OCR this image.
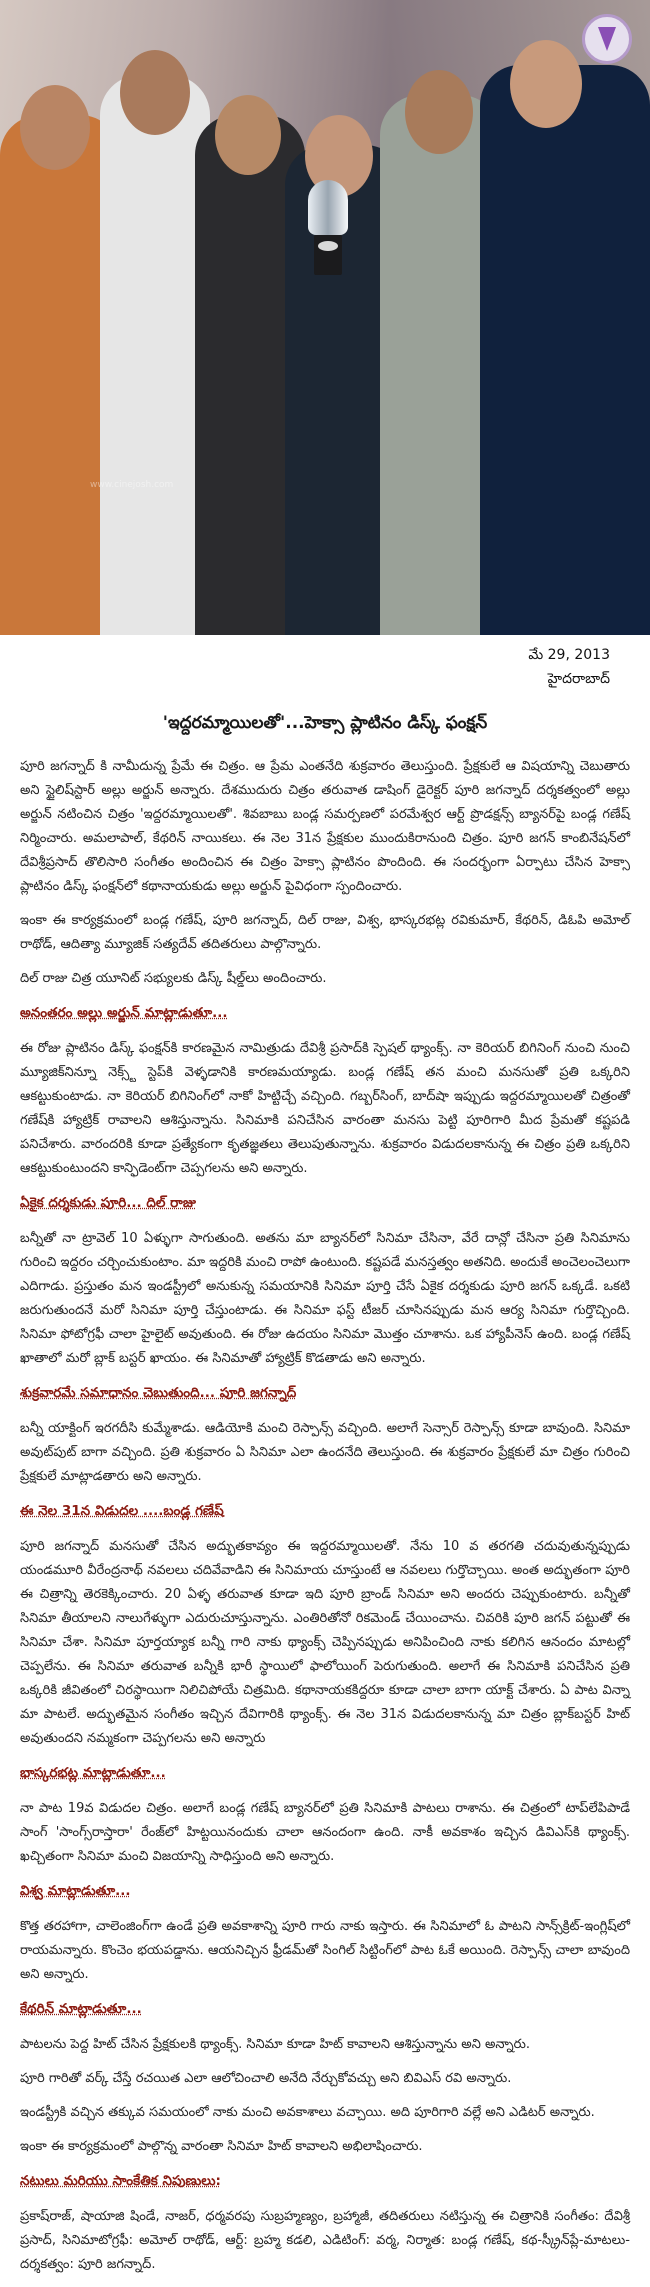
www.cinejosh.com
మే 29, 2013
హైదరాబాద్
'ఇద్దరమ్మాయిలతో'...హెక్సా ప్లాటినం డిస్క్ ఫంక్షన్
పూరి జగన్నాద్ కి నామీదున్న ప్రేమే ఈ చిత్రం. ఆ ప్రేమ ఎంతనేది శుక్రవారం తెలుస్తుంది. ప్రేక్షకులే ఆ విషయాన్ని చెబుతారు అని స్టైలిష్‌స్టార్ అల్లు అర్జున్ అన్నారు. దేశముదురు చిత్రం తరువాత డాషింగ్ డైరెక్టర్ పూరి జగన్నాద్ దర్శకత్వంలో అల్లు అర్జున్ నటించిన చిత్రం 'ఇద్దరమ్మాయిలతో'. శివబాబు బండ్ల సమర్పణలో పరమేశ్వర ఆర్ట్ ప్రొడక్షన్స్ బ్యానర్‌పై బండ్ల గణేష్ నిర్మించారు. అమలాపాల్, కేథరిన్ నాయికలు. ఈ నెల 31న ప్రేక్షకుల ముందుకిరానుంది చిత్రం. పూరి జగన్ కాంబినేషన్‌లో దేవిశ్రీప్రసాద్ తొలిసారి సంగీతం అందించిన ఈ చిత్రం హెక్సా ప్లాటినం పొందింది. ఈ సందర్భంగా ఏర్పాటు చేసిన హెక్సా ప్లాటినం డిస్క్ ఫంక్షన్‌లో కథానాయకుడు అల్లు అర్జున్ పైవిధంగా స్పందించారు.
ఇంకా ఈ కార్యక్రమంలో బండ్ల గణేష్, పూరి జగన్నాద్, దిల్ రాజు, విశ్వ, భాస్కరభట్ల రవికుమార్, కేథరిన్, డిఓపి అమోల్ రాథోడ్, ఆదిత్యా మ్యూజిక్ సత్యదేవ్ తదితరులు పాల్గొన్నారు.
దిల్ రాజు చిత్ర యూనిట్ సభ్యులకు డిస్క్ షీల్డ్‌లు అందించారు.
అనంతరం అల్లు అర్జున్ మాట్లాడుతూ...
ఈ రోజు ప్లాటినం డిస్క్ ఫంక్షన్‌కి కారణమైన నామిత్రుడు దేవిశ్రీ ప్రసాద్‌కి స్పెషల్ థ్యాంక్స్. నా కెరియర్ బిగినింగ్ నుంచి నుంచి మ్యూజిక్‌నిన్నూ నెక్స్ట్ స్టెప్‌కి వెళ్ళడానికి కారణమయ్యాడు. బండ్ల గణేష్ తన మంచి మనసుతో ప్రతి ఒక్కరిని ఆకట్టుకుంటాడు. నా కెరియర్ బిగినింగ్‌లో నాకో హిట్టిచ్చే వచ్చింది. గబ్బర్‌సింగ్, బాద్‌షా ఇప్పుడు ఇద్దరమ్మాయిలతో చిత్రంతో గణేష్‌కి హ్యాట్రిక్ రావాలని ఆశిస్తున్నాను. సినిమాకి పనిచేసిన వారంతా మనసు పెట్టి పూరిగారి మీద ప్రేమతో కష్టపడి పనిచేశారు. వారందరికి కూడా ప్రత్యేకంగా కృతజ్ఞతలు తెలుపుతున్నాను. శుక్రవారం విడుదలకానున్న ఈ చిత్రం ప్రతి ఒక్కరిని ఆకట్టుకుంటుందని కాన్ఫిడెంట్‌గా చెప్పగలను అని అన్నారు.
ఏకైక దర్శకుడు పూరి... దిల్ రాజు
బన్నీతో నా ట్రావెల్ 10 ఏళ్ళుగా సాగుతుంది. అతను మా బ్యానర్‌లో సినిమా చేసినా, వేరే దాన్లో చేసినా ప్రతి సినిమాను గురించి ఇద్దరం చర్చించుకుంటాం. మా ఇద్దరికి మంచి రాపో ఉంటుంది. కష్టపడే మనస్తత్వం అతనిది. అందుకే అంచెలంచెలుగా ఎదిగాడు. ప్రస్తుతం మన ఇండస్ట్రీలో అనుకున్న సమయానికి సినిమా పూర్తి చేసే ఏకైక దర్శకుడు పూరి జగన్ ఒక్కడే. ఒకటి జరుగుతుందనే మరో సినిమా పూర్తి చేస్తుంటాడు. ఈ సినిమా ఫస్ట్ టీజర్ చూసినప్పుడు మన ఆర్య సినిమా గుర్తొచ్చింది. సినిమా ఫోటోగ్రఫీ చాలా హైలైట్ అవుతుంది. ఈ రోజు ఉదయం సినిమా మొత్తం చూశాను. ఒక హ్యాపీనెస్‌ ఉంది. బండ్ల గణేష్ ఖాతాలో మరో బ్లాక్ బస్టర్ ఖాయం. ఈ సినిమాతో హ్యాట్రిక్ కొడతాడు అని అన్నారు.
శుక్రవారమే సమాధానం చెబుతుంది... పూరి జగన్నాద్
బన్నీ యాక్టింగ్ ఇరగదీసి కుమ్మేశాడు. ఆడియోకి మంచి రెస్పాన్స్ వచ్చింది. అలాగే సెన్సార్ రెస్పాన్స్ కూడా బావుంది. సినిమా అవుట్‌పుట్ బాగా వచ్చింది. ప్రతి శుక్రవారం ఏ సినిమా ఎలా ఉందనేది తెలుస్తుంది. ఈ శుక్రవారం ప్రేక్షకులే మా చిత్రం గురించి ప్రేక్షకులే మాట్లాడతారు అని అన్నారు.
ఈ నెల 31న విడుదల ....బండ్ల గణేష్
పూరి జగన్నాద్ మనసుతో చేసిన అద్భుతకావ్యం ఈ ఇద్దరమ్మాయిలతో. నేను 10 వ తరగతి చదువుతున్నప్పుడు యండమూరి వీరేంద్రనాథ్ నవలలు చదివేవాడిని ఈ సినిమాయ చూస్తుంటే ఆ నవలలు గుర్తొచ్చాయి. అంత అద్భుతంగా పూరి ఈ చిత్రాన్ని తెరకెక్కించారు. 20 ఏళ్ళ తరువాత కూడా ఇది పూరి బ్రాండ్ సినిమా అని అందరు చెప్పుకుంటారు. బన్నీతో సినిమా తీయాలని నాలుగేళ్ళుగా ఎదురుచూస్తున్నాను. ఎంతిరితోనో రికమెండ్ చేయించాను. చివరికి పూరి జగన్ పట్టుతో ఈ సినిమా చేశా. సినిమా పూర్తయ్యాక బన్నీ గారి నాకు థ్యాంక్స్ చెప్పినప్పుడు అనిపించింది నాకు కలిగిన ఆనందం మాటల్లో చెప్పలేను. ఈ సినిమా తరువాత బన్నీకి భారీ స్థాయిలో ఫాలోయింగ్ పెరుగుతుంది. అలాగే ఈ సినిమాకి పనిచేసిన ప్రతి ఒక్కరికి జీవితంలో చిరస్థాయిగా నిలిచిపోయే చిత్రమిది. కథానాయకకిద్దరూ కూడా చాలా బాగా యాక్ట్ చేశారు. ఏ పాట విన్నా మా పాటలే. అద్భుతమైన సంగీతం ఇచ్చిన దేవిగారికి థ్యాంక్స్. ఈ నెల 31న విడుదలకానున్న మా చిత్రం బ్లాక్‌బస్టర్ హిట్ అవుతుందని నమ్మకంగా చెప్పగలను అని అన్నారు
భాస్కరభట్ల మాట్లాడుతూ...
నా పాట 19వ విడుదల చిత్రం. అలాగే బండ్ల గణేష్ బ్యానర్‌లో ప్రతి సినిమాకి పాటలు రాశాను. ఈ చిత్రంలో టాప్‌లేపిపాడే సాంగ్ 'సాంగ్స్‌రాస్తారా' రేంజ్‌లో హిట్టయినందుకు చాలా ఆనందంగా ఉంది. నాకీ అవకాశం ఇచ్చిన డివిఎస్‌కి థ్యాంక్స్. ఖచ్చితంగా సినిమా మంచి విజయాన్ని సాధిస్తుంది అని అన్నారు.
విశ్వ మాట్లాడుతూ...
కొత్త తరహాగా, చాలెంజింగ్‌గా ఉండే ప్రతి అవకాశాన్ని పూరి గారు నాకు ఇస్తారు. ఈ సినిమాలో ఓ పాటని సాన్స్‌క్రిట్-ఇంగ్లిష్‌లో రాయమన్నారు. కొంచెం భయపడ్డాను. ఆయనిచ్చిన ఫ్రీడమ్‌తో సింగిల్ సిట్టింగ్‌లో పాట ఓకే అయింది. రెస్పాన్స్ చాలా బావుంది అని అన్నారు.
కేథరిన్ మాట్లాడుతూ...
పాటలను పెద్ద హిట్ చేసిన ప్రేక్షకులకి థ్యాంక్స్. సినిమా కూడా హిట్ కావాలని ఆశిస్తున్నాను అని అన్నారు.
పూరి గారితో వర్క్ చేస్తే రచయిత ఎలా ఆలోచించాలి అనేది నేర్చుకోవచ్చు అని బివిఎస్ రవి అన్నారు.
ఇండస్ట్రీకి వచ్చిన తక్కువ సమయంలో నాకు మంచి అవకాశాలు వచ్చాయి. అది పూరిగారి వల్లే అని ఎడిటర్ అన్నారు.
ఇంకా ఈ కార్యక్రమంలో పాల్గొన్న వారంతా సినిమా హిట్ కావాలని అభిలాషించారు.
నటులు మరియు సాంకేతిక నిపుణులు:
ప్రకాష్‌రాజ్, షాయాజి షిండే, నాజర్, ధర్మవరపు సుబ్రహ్మణ్యం, బ్రహ్మాజీ, తదితరులు నటిస్తున్న ఈ చిత్రానికి సంగీతం: దేవిశ్రీ ప్రసాద్, సినిమాటోగ్రఫీ: అమోల్ రాథోడ్, ఆర్ట్: బ్రహ్మ కడలి, ఎడిటింగ్: వర్మ, నిర్మాత: బండ్ల గణేష్, కథ-స్క్రీన్‌ప్లే-మాటలు-దర్శకత్వం: పూరి జగన్నాద్.
